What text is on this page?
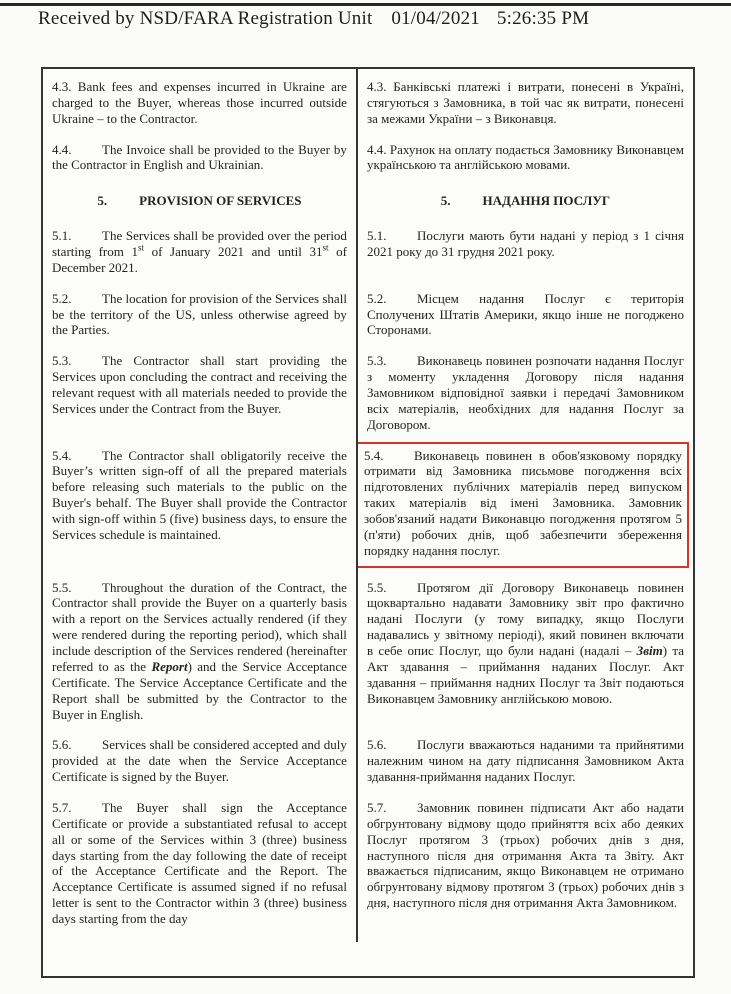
Received by NSD/FARA Registration Unit 01/04/2021 5:26:35 PM

4.3. Bank fees and expenses incurred in Ukraine are charged to the Buyer, whereas those incurred outside Ukraine – to the Contractor.

4.3. Банківські платежі і витрати, понесені в Україні, стягуються з Замовника, в той час як витрати, понесені за межами України – з Виконавця.

4.4. The Invoice shall be provided to the Buyer by the Contractor in English and Ukrainian.

4.4. Рахунок на оплату подається Замовнику Виконавцем українською та англійською мовами.

5. PROVISION OF SERVICES	5. НАДАННЯ ПОСЛУГ

5.1. The Services shall be provided over the period starting from 1st of January 2021 and until 31st of December 2021.

5.1. Послуги мають бути надані у період з 1 січня 2021 року до 31 грудня 2021 року.

5.2. The location for provision of the Services shall be the territory of the US, unless otherwise agreed by the Parties.

5.2. Місцем надання Послуг є територія Сполучених Штатів Америки, якщо інше не погоджено Сторонами.

5.3. The Contractor shall start providing the Services upon concluding the contract and receiving the relevant request with all materials needed to provide the Services under the Contract from the Buyer.

5.3. Виконавець повинен розпочати надання Послуг з моменту укладення Договору після надання Замовником відповідної заявки і передачі Замовником всіх матеріалів, необхідних для надання Послуг за Договором.

5.4. The Contractor shall obligatorily receive the Buyer’s written sign-off of all the prepared materials before releasing such materials to the public on the Buyer's behalf. The Buyer shall provide the Contractor with sign-off within 5 (five) business days, to ensure the Services schedule is maintained.

5.4. Виконавець повинен в обов'язковому порядку отримати від Замовника письмове погодження всіх підготовлених публічних матеріалів перед випуском таких матеріалів від імені Замовника. Замовник зобов'язаний надати Виконавцю погодження протягом 5 (п'яти) робочих днів, щоб забезпечити збереження порядку надання послуг.

5.5. Throughout the duration of the Contract, the Contractor shall provide the Buyer on a quarterly basis with a report on the Services actually rendered (if they were rendered during the reporting period), which shall include description of the Services rendered (hereinafter referred to as the Report) and the Service Acceptance Certificate. The Service Acceptance Certificate and the Report shall be submitted by the Contractor to the Buyer in English.

5.5. Протягом дії Договору Виконавець повинен щоквартально надавати Замовнику звіт про фактично надані Послуги (у тому випадку, якщо Послуги надавались у звітному періоді), який повинен включати в себе опис Послуг, що були надані (надалі – Звіт) та Акт здавання – приймання наданих Послуг. Акт здавання – приймання надних Послуг та Звіт подаються Виконавцем Замовнику англійською мовою.

5.6. Services shall be considered accepted and duly provided at the date when the Service Acceptance Certificate is signed by the Buyer.

5.6. Послуги вважаються наданими та прийнятими належним чином на дату підписання Замовником Акта здавання-приймання наданих Послуг.

5.7. The Buyer shall sign the Acceptance Certificate or provide a substantiated refusal to accept all or some of the Services within 3 (three) business days starting from the day following the date of receipt of the Acceptance Certificate and the Report. The Acceptance Certificate is assumed signed if no refusal letter is sent to the Contractor within 3 (three) business days starting from the day

5.7. Замовник повинен підписати Акт або надати обгрунтовану відмову щодо прийняття всіх або деяких Послуг протягом 3 (трьох) робочих днів з дня, наступного після дня отримання Акта та Звіту. Акт вважається підписаним, якщо Виконавцем не отримано обгрунтовану відмову протягом 3 (трьох) робочих днів з дня, наступного після дня отримання Акта Замовником.
